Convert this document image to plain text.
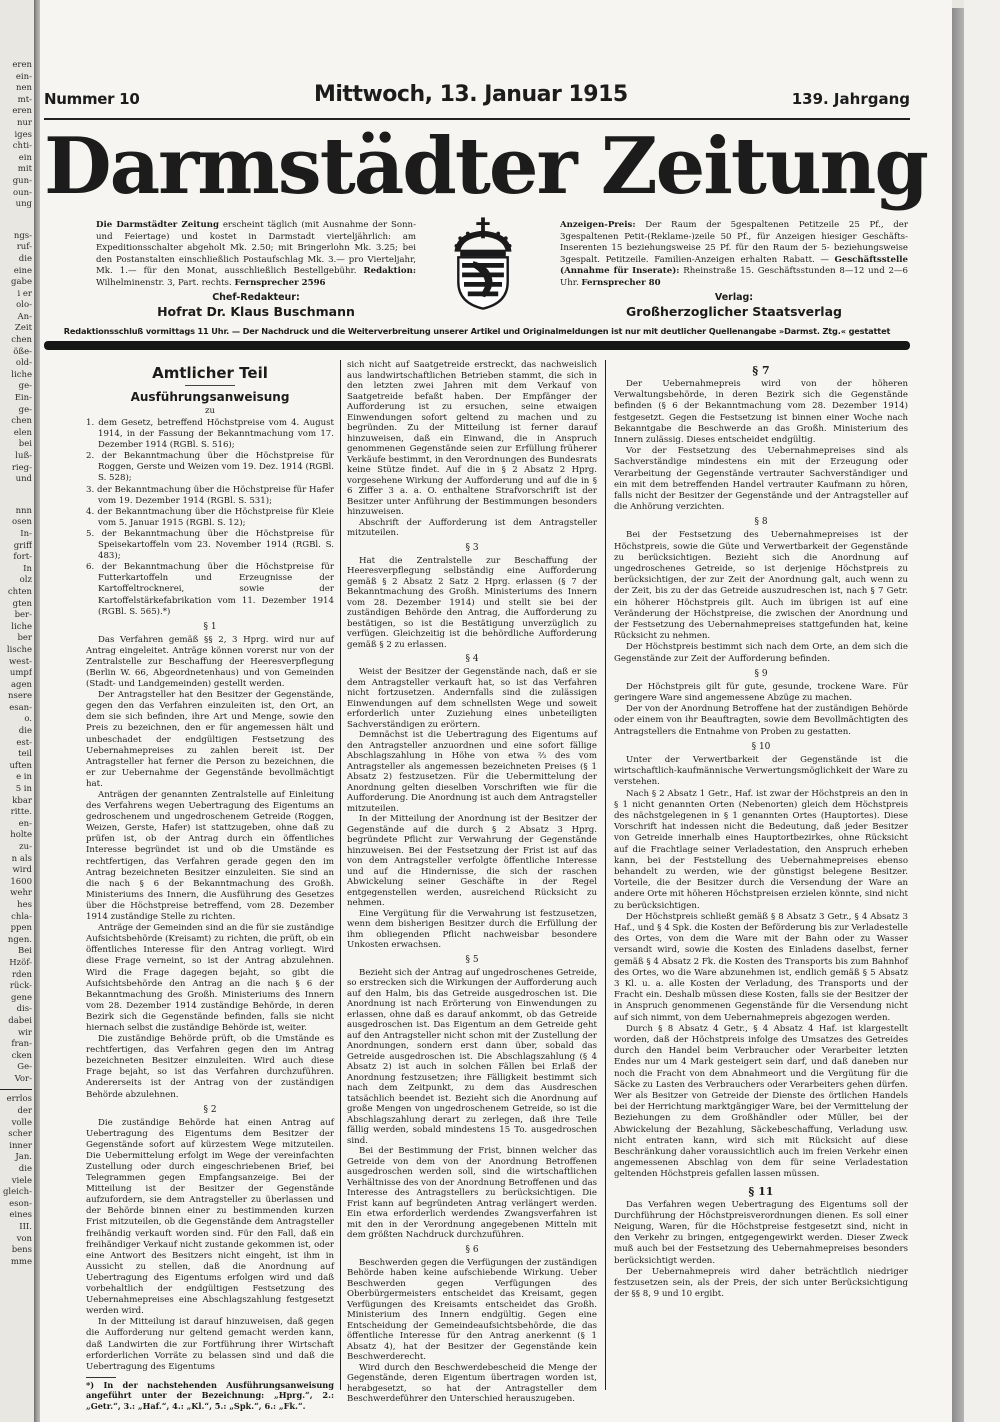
eren
ein-
nen
mt-
eren
nur
iges
chti-
ein
mit
gun-
oun-
ung
ngs-
ruf-
die
eine
gabe
i er
olo-
An-
Zeit
chen
öße-
old-
liche
ge-
Ein-
ge-
chen
elen
bei
luß-
rieg-
und
nnn
osen
In-
griff
fort-
In
olz
chten
gten
ber-
liche
ber
lische
west-
umpf
agen
nsere
esan-
o.
die
est-
teil
uften
e in
5 in
kbar
ritte.
en-
holte
zu-
n als
wird
1600
wehr
hes
chla-
ppen
ngen.
Bei
Hzöf-
rden
rück-
gene
dis-
dabei
wir
fran-
cken
Ge-
Vor-
errlos
der
volle
scher
inner
Jan.
die
viele
gleich-
eson-
eines
III.
von
bens
mme
Nummer 10	Mittwoch, 13. Januar 1915	139. Jahrgang
Darmstädter Zeitung
Die Darmstädter Zeitung erscheint täglich (mit Ausnahme der Sonn- und Feiertage) und kostet in Darmstadt vierteljährlich: am Expeditionsschalter abgeholt Mk. 2.50; mit Bringerlohn Mk. 3.25; bei den Postanstalten einschließlich Postaufschlag Mk. 3.— pro Vierteljahr, Mk. 1.— für den Monat, ausschließlich Bestellgebühr. Redaktion: Wilhelminenstr. 3, Part. rechts. Fernsprecher 2596
Chef-Redakteur:
Hofrat Dr. Klaus Buschmann
Anzeigen-Preis: Der Raum der 5gespaltenen Petitzeile 25 Pf., der 3gespaltenen Petit-(Reklame-)zeile 50 Pf., für Anzeigen hiesiger Geschäfts-Inserenten 15 beziehungsweise 25 Pf. für den Raum der 5- beziehungsweise 3gespalt. Petitzeile. Familien-Anzeigen erhalten Rabatt. — Geschäftsstelle (Annahme für Inserate): Rheinstraße 15. Geschäftsstunden 8—12 und 2—6 Uhr. Fernsprecher 80
Verlag:
Großherzoglicher Staatsverlag
Redaktionsschluß vormittags 11 Uhr. — Der Nachdruck und die Weiterverbreitung unserer Artikel und Originalmeldungen ist nur mit deutlicher Quellenangabe »Darmst. Ztg.« gestattet
Amtlicher Teil
Ausführungsanweisung
zu
1. dem Gesetz, betreffend Höchstpreise vom 4. August 1914, in der Fassung der Bekanntmachung vom 17. Dezember 1914 (RGBl. S. 516);
2. der Bekanntmachung über die Höchstpreise für Roggen, Gerste und Weizen vom 19. Dez. 1914 (RGBl. S. 528);
3. der Bekanntmachung über die Höchstpreise für Hafer vom 19. Dezember 1914 (RGBl. S. 531);
4. der Bekanntmachung über die Höchstpreise für Kleie vom 5. Januar 1915 (RGBl. S. 12);
5. der Bekanntmachung über die Höchstpreise für Speisekartoffeln vom 23. November 1914 (RGBl. S. 483);
6. der Bekanntmachung über die Höchstpreise für Futterkartoffeln und Erzeugnisse der Kartoffeltrocknerei, sowie der Kartoffelstärkefabrikation vom 11. Dezember 1914 (RGBl. S. 565).*)
§ 1

Das Verfahren gemäß §§ 2, 3 Hprg. wird nur auf Antrag eingeleitet. Anträge können vorerst nur von der Zentralstelle zur Beschaffung der Heeresverpflegung (Berlin W. 66, Abgeordnetenhaus) und von Gemeinden (Stadt- und Landgemeinden) gestellt werden.

Der Antragsteller hat den Besitzer der Gegenstände, gegen den das Verfahren einzuleiten ist, den Ort, an dem sie sich befinden, ihre Art und Menge, sowie den Preis zu bezeichnen, den er für angemessen hält und unbeschadet der endgültigen Festsetzung des Uebernahmepreises zu zahlen bereit ist. Der Antragsteller hat ferner die Person zu bezeichnen, die er zur Uebernahme der Gegenstände bevollmächtigt hat.

Anträgen der genannten Zentralstelle auf Einleitung des Verfahrens wegen Uebertragung des Eigentums an gedroschenem und ungedroschenem Getreide (Roggen, Weizen, Gerste, Hafer) ist stattzugeben, ohne daß zu prüfen ist, ob der Antrag durch ein öffentliches Interesse begründet ist und ob die Umstände es rechtfertigen, das Verfahren gerade gegen den im Antrag bezeichneten Besitzer einzuleiten. Sie sind an die nach § 6 der Bekanntmachung des Großh. Ministeriums des Innern, die Ausführung des Gesetzes über die Höchstpreise betreffend, vom 28. Dezember 1914 zuständige Stelle zu richten.

Anträge der Gemeinden sind an die für sie zuständige Aufsichtsbehörde (Kreisamt) zu richten, die prüft, ob ein öffentliches Interesse für den Antrag vorliegt. Wird diese Frage verneint, so ist der Antrag abzulehnen. Wird die Frage dagegen bejaht, so gibt die Aufsichtsbehörde den Antrag an die nach § 6 der Bekanntmachung des Großh. Ministeriums des Innern vom 28. Dezember 1914 zuständige Behörde, in deren Bezirk sich die Gegenstände befinden, falls sie nicht hiernach selbst die zuständige Behörde ist, weiter.

Die zuständige Behörde prüft, ob die Umstände es rechtfertigen, das Verfahren gegen den im Antrag bezeichneten Besitzer einzuleiten. Wird auch diese Frage bejaht, so ist das Verfahren durchzuführen. Andererseits ist der Antrag von der zuständigen Behörde abzulehnen.

§ 2

Die zuständige Behörde hat einen Antrag auf Uebertragung des Eigentums dem Besitzer der Gegenstände sofort auf kürzestem Wege mitzuteilen. Die Uebermittelung erfolgt im Wege der vereinfachten Zustellung oder durch eingeschriebenen Brief, bei Telegrammen gegen Empfangsanzeige. Bei der Mitteilung ist der Besitzer der Gegenstände aufzufordern, sie dem Antragsteller zu überlassen und der Behörde binnen einer zu bestimmenden kurzen Frist mitzuteilen, ob die Gegenstände dem Antragsteller freihändig verkauft worden sind. Für den Fall, daß ein freihändiger Verkauf nicht zustande gekommen ist, oder eine Antwort des Besitzers nicht eingeht, ist ihm in Aussicht zu stellen, daß die Anordnung auf Uebertragung des Eigentums erfolgen wird und daß vorbehaltlich der endgültigen Festsetzung des Uebernahmepreises eine Abschlagszahlung festgesetzt werden wird.

In der Mitteilung ist darauf hinzuweisen, daß gegen die Aufforderung nur geltend gemacht werden kann, daß Landwirten die zur Fortführung ihrer Wirtschaft erforderlichen Vorräte zu belassen sind und daß die Uebertragung des Eigentums

*) In der nachstehenden Ausführungsanweisung angeführt unter der Bezeichnung: „Hprg.“, 2.: „Getr.“, 3.: „Haf.“, 4.: „Kl.“, 5.: „Spk.“, 6.: „Fk.“.

sich nicht auf Saatgetreide erstreckt, das nachweislich aus landwirtschaftlichen Betrieben stammt, die sich in den letzten zwei Jahren mit dem Verkauf von Saatgetreide befaßt haben. Der Empfänger der Aufforderung ist zu ersuchen, seine etwaigen Einwendungen sofort geltend zu machen und zu begründen. Zu der Mitteilung ist ferner darauf hinzuweisen, daß ein Einwand, die in Anspruch genommenen Gegenstände seien zur Erfüllung früherer Verkäufe bestimmt, in den Verordnungen des Bundesrats keine Stütze findet. Auf die in § 2 Absatz 2 Hprg. vorgesehene Wirkung der Aufforderung und auf die in § 6 Ziffer 3 a. a. O. enthaltene Strafvorschrift ist der Besitzer unter Anführung der Bestimmungen besonders hinzuweisen.

Abschrift der Aufforderung ist dem Antragsteller mitzuteilen.

§ 3

Hat die Zentralstelle zur Beschaffung der Heeresverpflegung selbständig eine Aufforderung gemäß § 2 Absatz 2 Satz 2 Hprg. erlassen (§ 7 der Bekanntmachung des Großh. Ministeriums des Innern vom 28. Dezember 1914) und stellt sie bei der zuständigen Behörde den Antrag, die Aufforderung zu bestätigen, so ist die Bestätigung unverzüglich zu verfügen. Gleichzeitig ist die behördliche Aufforderung gemäß § 2 zu erlassen.

§ 4

Weist der Besitzer der Gegenstände nach, daß er sie dem Antragsteller verkauft hat, so ist das Verfahren nicht fortzusetzen. Andernfalls sind die zulässigen Einwendungen auf dem schnellsten Wege und soweit erforderlich unter Zuziehung eines unbeteiligten Sachverständigen zu erörtern.

Demnächst ist die Uebertragung des Eigentums auf den Antragsteller anzuordnen und eine sofort fällige Abschlagszahlung in Höhe von etwa ⅔ des vom Antragsteller als angemessen bezeichneten Preises (§ 1 Absatz 2) festzusetzen. Für die Uebermittelung der Anordnung gelten dieselben Vorschriften wie für die Aufforderung. Die Anordnung ist auch dem Antragsteller mitzuteilen.

In der Mitteilung der Anordnung ist der Besitzer der Gegenstände auf die durch § 2 Absatz 3 Hprg. begründete Pflicht zur Verwahrung der Gegenstände hinzuweisen. Bei der Festsetzung der Frist ist auf das von dem Antragsteller verfolgte öffentliche Interesse und auf die Hindernisse, die sich der raschen Abwickelung seiner Geschäfte in der Regel entgegenstellen werden, ausreichend Rücksicht zu nehmen.

Eine Vergütung für die Verwahrung ist festzusetzen, wenn dem bisherigen Besitzer durch die Erfüllung der ihm obliegenden Pflicht nachweisbar besondere Unkosten erwachsen.

§ 5

Bezieht sich der Antrag auf ungedroschenes Getreide, so erstrecken sich die Wirkungen der Aufforderung auch auf den Halm, bis das Getreide ausgedroschen ist. Die Anordnung ist nach Erörterung von Einwendungen zu erlassen, ohne daß es darauf ankommt, ob das Getreide ausgedroschen ist. Das Eigentum an dem Getreide geht auf den Antragsteller nicht schon mit der Zustellung der Anordnungen, sondern erst dann über, sobald das Getreide ausgedroschen ist. Die Abschlagszahlung (§ 4 Absatz 2) ist auch in solchen Fällen bei Erlaß der Anordnung festzusetzen; ihre Fälligkeit bestimmt sich nach dem Zeitpunkt, zu dem das Ausdreschen tatsächlich beendet ist. Bezieht sich die Anordnung auf große Mengen von ungedroschenem Getreide, so ist die Abschlagszahlung derart zu zerlegen, daß ihre Teile fällig werden, sobald mindestens 15 To. ausgedroschen sind.

Bei der Bestimmung der Frist, binnen welcher das Getreide von dem von der Anordnung Betroffenen ausgedroschen werden soll, sind die wirtschaftlichen Verhältnisse des von der Anordnung Betroffenen und das Interesse des Antragstellers zu berücksichtigen. Die Frist kann auf begründeten Antrag verlängert werden. Ein etwa erforderlich werdendes Zwangsverfahren ist mit den in der Verordnung angegebenen Mitteln mit dem größten Nachdruck durchzuführen.

§ 6

Beschwerden gegen die Verfügungen der zuständigen Behörde haben keine aufschiebende Wirkung. Ueber Beschwerden gegen Verfügungen des Oberbürgermeisters entscheidet das Kreisamt, gegen Verfügungen des Kreisamts entscheidet das Großh. Ministerium des Innern endgültig. Gegen eine Entscheidung der Gemeindeaufsichtsbehörde, die das öffentliche Interesse für den Antrag anerkennt (§ 1 Absatz 4), hat der Besitzer der Gegenstände kein Beschwerderecht.

Wird durch den Beschwerdebescheid die Menge der Gegenstände, deren Eigentum übertragen worden ist, herabgesetzt, so hat der Antragsteller dem Beschwerdeführer den Unterschied herauszugeben.

§ 7

Der Uebernahmepreis wird von der höheren Verwaltungsbehörde, in deren Bezirk sich die Gegenstände befinden (§ 6 der Bekanntmachung vom 28. Dezember 1914) festgesetzt. Gegen die Festsetzung ist binnen einer Woche nach Bekanntgabe die Beschwerde an das Großh. Ministerium des Innern zulässig. Dieses entscheidet endgültig.

Vor der Festsetzung des Uebernahmepreises sind als Sachverständige mindestens ein mit der Erzeugung oder Verarbeitung der Gegenstände vertrauter Sachverständiger und ein mit dem betreffenden Handel vertrauter Kaufmann zu hören, falls nicht der Besitzer der Gegenstände und der Antragsteller auf die Anhörung verzichten.

§ 8

Bei der Festsetzung des Uebernahmepreises ist der Höchstpreis, sowie die Güte und Verwertbarkeit der Gegenstände zu berücksichtigen. Bezieht sich die Anordnung auf ungedroschenes Getreide, so ist derjenige Höchstpreis zu berücksichtigen, der zur Zeit der Anordnung galt, auch wenn zu der Zeit, bis zu der das Getreide auszudreschen ist, nach § 7 Getr. ein höherer Höchstpreis gilt. Auch im übrigen ist auf eine Veränderung der Höchstpreise, die zwischen der Anordnung und der Festsetzung des Uebernahmepreises stattgefunden hat, keine Rücksicht zu nehmen.

Der Höchstpreis bestimmt sich nach dem Orte, an dem sich die Gegenstände zur Zeit der Aufforderung befinden.

§ 9

Der Höchstpreis gilt für gute, gesunde, trockene Ware. Für geringere Ware sind angemessene Abzüge zu machen.

Der von der Anordnung Betroffene hat der zuständigen Behörde oder einem von ihr Beauftragten, sowie dem Bevollmächtigten des Antragstellers die Entnahme von Proben zu gestatten.

§ 10

Unter der Verwertbarkeit der Gegenstände ist die wirtschaftlich-kaufmännische Verwertungsmöglichkeit der Ware zu verstehen.

Nach § 2 Absatz 1 Getr., Haf. ist zwar der Höchstpreis an den in § 1 nicht genannten Orten (Nebenorten) gleich dem Höchstpreis des nächstgelegenen in § 1 genannten Ortes (Hauptortes). Diese Vorschrift hat indessen nicht die Bedeutung, daß jeder Besitzer von Getreide innerhalb eines Hauptortbezirkes, ohne Rücksicht auf die Frachtlage seiner Verladestation, den Anspruch erheben kann, bei der Feststellung des Uebernahmepreises ebenso behandelt zu werden, wie der günstigst belegene Besitzer. Vorteile, die der Besitzer durch die Versendung der Ware an andere Orte mit höheren Höchstpreisen erzielen könnte, sind nicht zu berücksichtigen.

Der Höchstpreis schließt gemäß § 8 Absatz 3 Getr., § 4 Absatz 3 Haf., und § 4 Spk. die Kosten der Beförderung bis zur Verladestelle des Ortes, von dem die Ware mit der Bahn oder zu Wasser versandt wird, sowie die Kosten des Einladens daselbst, ferner gemäß § 4 Absatz 2 Fk. die Kosten des Transports bis zum Bahnhof des Ortes, wo die Ware abzunehmen ist, endlich gemäß § 5 Absatz 3 Kl. u. a. alle Kosten der Verladung, des Transports und der Fracht ein. Deshalb müssen diese Kosten, falls sie der Besitzer der in Anspruch genommenen Gegenstände für die Versendung nicht auf sich nimmt, von dem Uebernahmepreis abgezogen werden.

Durch § 8 Absatz 4 Getr., § 4 Absatz 4 Haf. ist klargestellt worden, daß der Höchstpreis infolge des Umsatzes des Getreides durch den Handel beim Verbraucher oder Verarbeiter letzten Endes nur um 4 Mark gesteigert sein darf, und daß daneben nur noch die Fracht von dem Abnahmeort und die Vergütung für die Säcke zu Lasten des Verbrauchers oder Verarbeiters gehen dürfen. Wer als Besitzer von Getreide der Dienste des örtlichen Handels bei der Herrichtung marktgängiger Ware, bei der Vermittelung der Beziehungen zu dem Großhändler oder Müller, bei der Abwickelung der Bezahlung, Säckebeschaffung, Verladung usw. nicht entraten kann, wird sich mit Rücksicht auf diese Beschränkung daher voraussichtlich auch im freien Verkehr einen angemessenen Abschlag von dem für seine Verladestation geltenden Höchstpreis gefallen lassen müssen.

§ 11

Das Verfahren wegen Uebertragung des Eigentums soll der Durchführung der Höchstpreisverordnungen dienen. Es soll einer Neigung, Waren, für die Höchstpreise festgesetzt sind, nicht in den Verkehr zu bringen, entgegengewirkt werden. Dieser Zweck muß auch bei der Festsetzung des Uebernahmepreises besonders berücksichtigt werden.

Der Uebernahmepreis wird daher beträchtlich niedriger festzusetzen sein, als der Preis, der sich unter Berücksichtigung der §§ 8, 9 und 10 ergibt.
